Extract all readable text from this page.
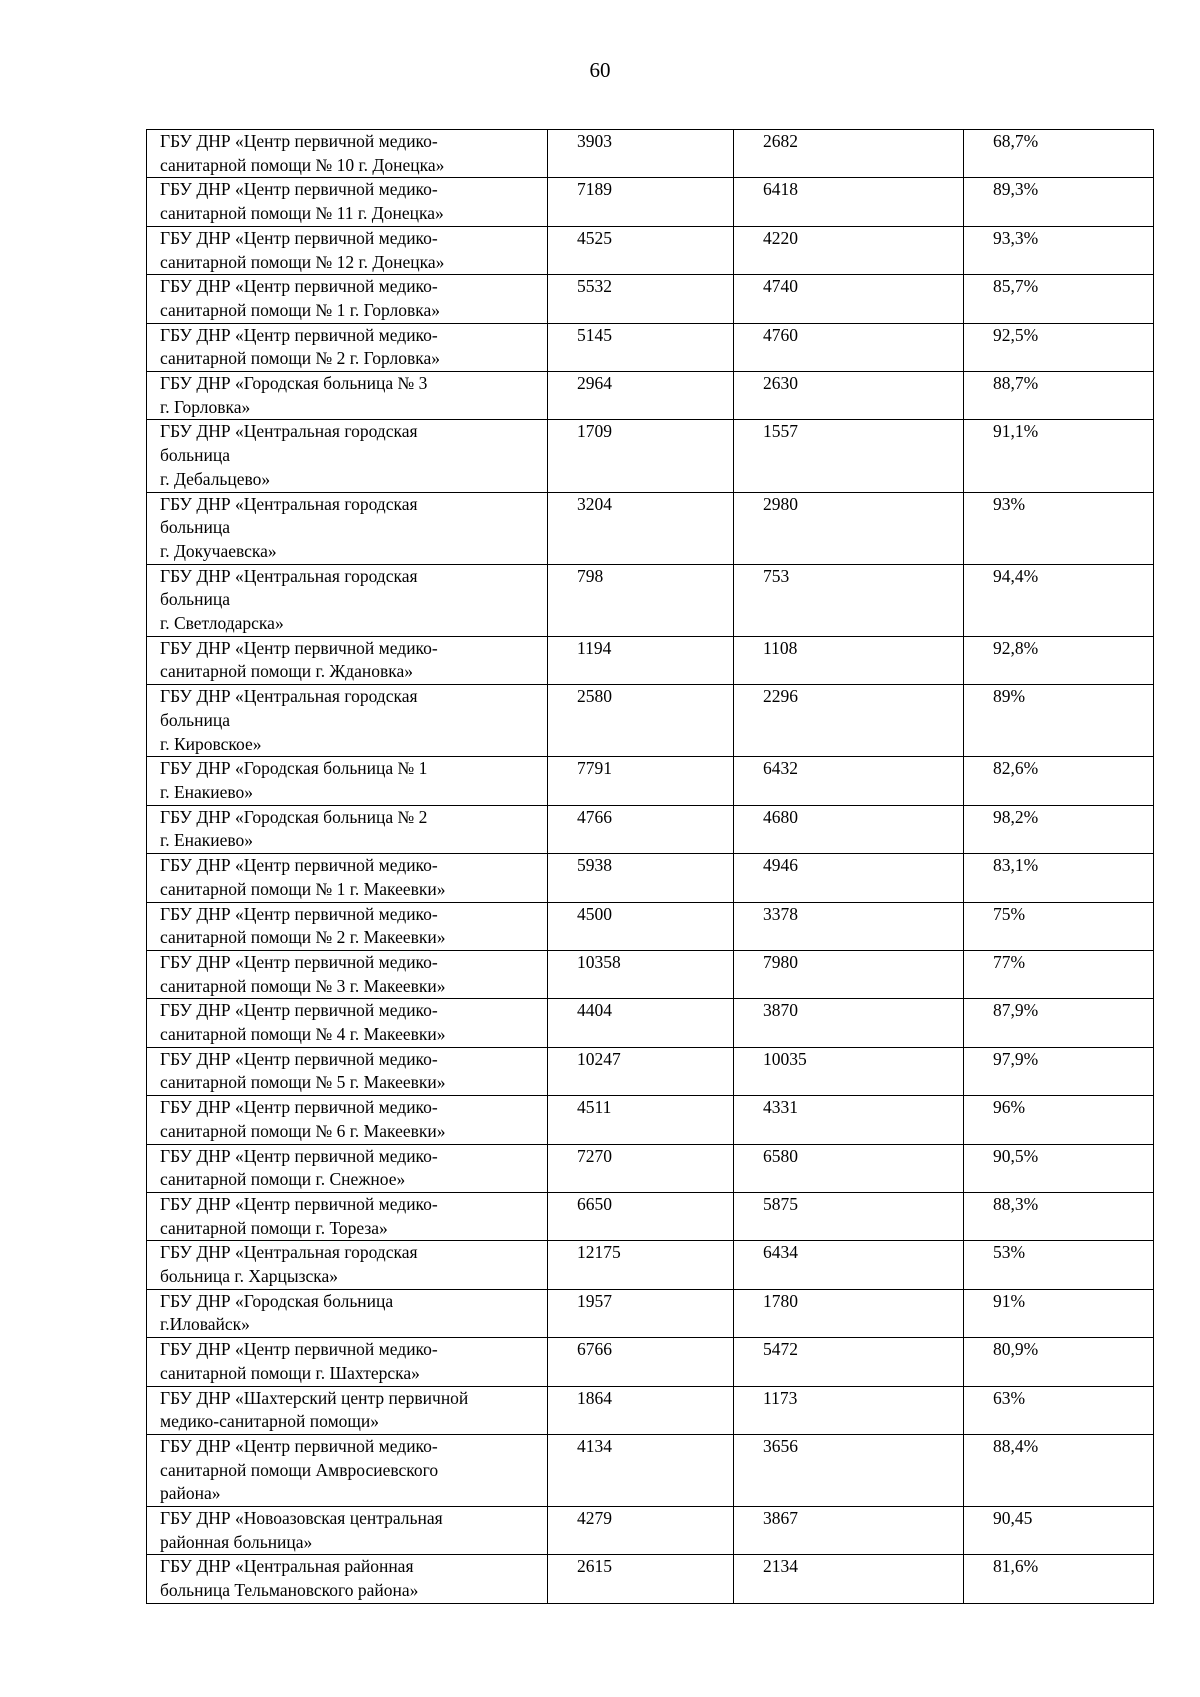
60
ГБУ ДНР «Центр первичной медико-
санитарной помощи № 10 г. Донецка»	3903	2682	68,7%

ГБУ ДНР «Центр первичной медико-
санитарной помощи № 11 г. Донецка»	7189	6418	89,3%

ГБУ ДНР «Центр первичной медико-
санитарной помощи № 12 г. Донецка»	4525	4220	93,3%

ГБУ ДНР «Центр первичной медико-
санитарной помощи № 1 г. Горловка»	5532	4740	85,7%

ГБУ ДНР «Центр первичной медико-
санитарной помощи № 2 г. Горловка»	5145	4760	92,5%

ГБУ ДНР «Городская больница № 3
г. Горловка»	2964	2630	88,7%

ГБУ ДНР «Центральная городская
больница
г. Дебальцево»	1709	1557	91,1%

ГБУ ДНР «Центральная городская
больница
г. Докучаевска»	3204	2980	93%

ГБУ ДНР «Центральная городская
больница
г. Светлодарска»	798	753	94,4%

ГБУ ДНР «Центр первичной медико-
санитарной помощи г. Ждановка»	1194	1108	92,8%

ГБУ ДНР «Центральная городская
больница
г. Кировское»	2580	2296	89%

ГБУ ДНР «Городская больница № 1
г. Енакиево»	7791	6432	82,6%

ГБУ ДНР «Городская больница № 2
г. Енакиево»	4766	4680	98,2%

ГБУ ДНР «Центр первичной медико-
санитарной помощи № 1 г. Макеевки»	5938	4946	83,1%

ГБУ ДНР «Центр первичной медико-
санитарной помощи № 2 г. Макеевки»	4500	3378	75%

ГБУ ДНР «Центр первичной медико-
санитарной помощи № 3 г. Макеевки»	10358	7980	77%

ГБУ ДНР «Центр первичной медико-
санитарной помощи № 4 г. Макеевки»	4404	3870	87,9%

ГБУ ДНР «Центр первичной медико-
санитарной помощи № 5 г. Макеевки»	10247	10035	97,9%

ГБУ ДНР «Центр первичной медико-
санитарной помощи № 6 г. Макеевки»	4511	4331	96%

ГБУ ДНР «Центр первичной медико-
санитарной помощи г. Снежное»	7270	6580	90,5%

ГБУ ДНР «Центр первичной медико-
санитарной помощи г. Тореза»	6650	5875	88,3%

ГБУ ДНР «Центральная городская
больница г. Харцызска»	12175	6434	53%

ГБУ ДНР «Городская больница
г.Иловайск»	1957	1780	91%

ГБУ ДНР «Центр первичной медико-
санитарной помощи г. Шахтерска»	6766	5472	80,9%

ГБУ ДНР «Шахтерский центр первичной
медико-санитарной помощи»	1864	1173	63%

ГБУ ДНР «Центр первичной медико-
санитарной помощи Амвросиевского
района»	4134	3656	88,4%

ГБУ ДНР «Новоазовская центральная
районная больница»	4279	3867	90,45

ГБУ ДНР «Центральная районная
больница Тельмановского района»	2615	2134	81,6%
